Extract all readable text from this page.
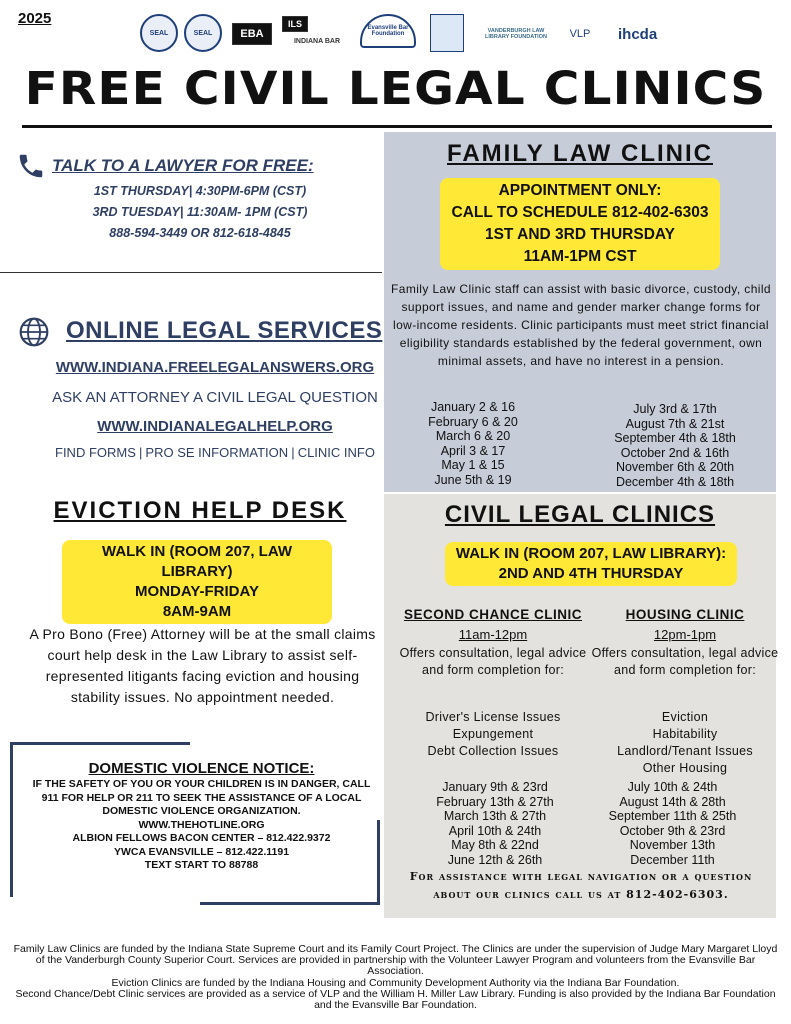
2025
SEAL	SEAL	EBA
ILS
INDIANA BAR
Evansville Bar Foundation	VANDERBURGH LAW LIBRARY FOUNDATION	VLP ihcda
FREE CIVIL LEGAL CLINICS
TALK TO A LAWYER FOR FREE:
1ST THURSDAY| 4:30PM-6PM (CST)
3RD TUESDAY| 11:30AM- 1PM (CST)
888-594-3449 OR 812-618-4845
ONLINE LEGAL SERVICES
WWW.INDIANA.FREELEGALANSWERS.ORG
ASK AN ATTORNEY A CIVIL LEGAL QUESTION
WWW.INDIANALEGALHELP.ORG
FIND FORMS | PRO SE INFORMATION | CLINIC INFO
EVICTION HELP DESK
WALK IN (ROOM 207, LAW LIBRARY)
MONDAY-FRIDAY
8AM-9AM
A Pro Bono (Free) Attorney will be at the small claims court help desk in the Law Library to assist self-represented litigants facing eviction and housing stability issues. No appointment needed.
DOMESTIC VIOLENCE NOTICE:
IF THE SAFETY OF YOU OR YOUR CHILDREN IS IN DANGER, CALL 911 FOR HELP OR 211 TO SEEK THE ASSISTANCE OF A LOCAL DOMESTIC VIOLENCE ORGANIZATION.
WWW.THEHOTLINE.ORG
ALBION FELLOWS BACON CENTER – 812.422.9372
YWCA EVANSVILLE – 812.422.1191
TEXT START TO 88788
FAMILY LAW CLINIC
APPOINTMENT ONLY:
CALL TO SCHEDULE 812-402-6303
1ST AND 3RD THURSDAY
11AM-1PM CST
Family Law Clinic staff can assist with basic divorce, custody, child support issues, and name and gender marker change forms for low-income residents. Clinic participants must meet strict financial eligibility standards established by the federal government, own minimal assets, and have no interest in a pension.
January 2 & 16
February 6 & 20
March 6 & 20
April 3 & 17
May 1 & 15
June 5th & 19
July 3rd & 17th
August 7th & 21st
September 4th & 18th
October 2nd & 16th
November 6th & 20th
December 4th & 18th
CIVIL LEGAL CLINICS
WALK IN (ROOM 207, LAW LIBRARY):
2ND AND 4TH THURSDAY
SECOND CHANCE CLINIC
11am-12pm
Offers consultation, legal advice and form completion for:
Driver's License Issues
Expungement
Debt Collection Issues
HOUSING CLINIC
12pm-1pm
Offers consultation, legal advice and form completion for:
Eviction
Habitability
Landlord/Tenant Issues
Other Housing
January 9th & 23rd
February 13th & 27th
March 13th & 27th
April 10th & 24th
May 8th & 22nd
June 12th & 26th
July 10th & 24th
August 14th & 28th
September 11th & 25th
October 9th & 23rd
November 13th
December 11th
For assistance with legal navigation or a question about our clinics call us at 812-402-6303.
Family Law Clinics are funded by the Indiana State Supreme Court and its Family Court Project. The Clinics are under the supervision of Judge Mary Margaret Lloyd of the Vanderburgh County Superior Court. Services are provided in partnership with the Volunteer Lawyer Program and volunteers from the Evansville Bar Association.
Eviction Clinics are funded by the Indiana Housing and Community Development Authority via the Indiana Bar Foundation.
Second Chance/Debt Clinic services are provided as a service of VLP and the William H. Miller Law Library. Funding is also provided by the Indiana Bar Foundation and the Evansville Bar Foundation.
